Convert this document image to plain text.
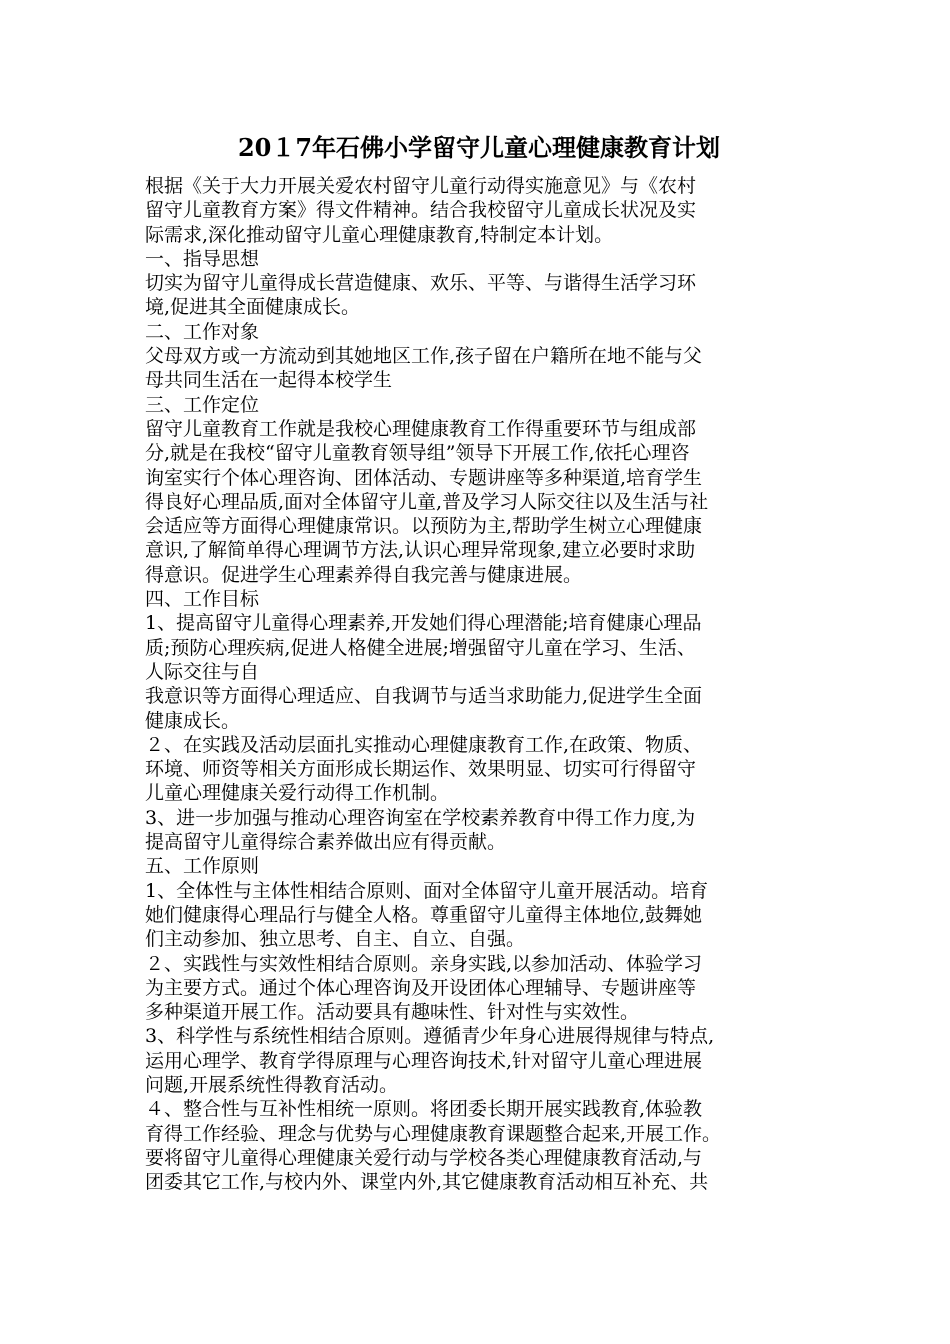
20１7年石佛小学留守儿童心理健康教育计划
根据《关于大力开展关爱农村留守儿童行动得实施意见》与《农村
留守儿童教育方案》得文件精神。结合我校留守儿童成长状况及实
际需求,深化推动留守儿童心理健康教育,特制定本计划。
一、指导思想
切实为留守儿童得成长营造健康、欢乐、平等、与谐得生活学习环
境,促进其全面健康成长。
二、工作对象
父母双方或一方流动到其她地区工作,孩子留在户籍所在地不能与父
母共同生活在一起得本校学生
三、工作定位
留守儿童教育工作就是我校心理健康教育工作得重要环节与组成部
分,就是在我校“留守儿童教育领导组”领导下开展工作,依托心理咨
询室实行个体心理咨询、团体活动、专题讲座等多种渠道,培育学生
得良好心理品质,面对全体留守儿童,普及学习人际交往以及生活与社
会适应等方面得心理健康常识。以预防为主,帮助学生树立心理健康
意识,了解简单得心理调节方法,认识心理异常现象,建立必要时求助
得意识。促进学生心理素养得自我完善与健康进展。
四、工作目标
1、提高留守儿童得心理素养,开发她们得心理潜能;培育健康心理品
质;预防心理疾病,促进人格健全进展;增强留守儿童在学习、生活、
人际交往与自
我意识等方面得心理适应、自我调节与适当求助能力,促进学生全面
健康成长。
２、在实践及活动层面扎实推动心理健康教育工作,在政策、物质、
环境、师资等相关方面形成长期运作、效果明显、切实可行得留守
儿童心理健康关爱行动得工作机制。
3、进一步加强与推动心理咨询室在学校素养教育中得工作力度,为
提高留守儿童得综合素养做出应有得贡献。
五、工作原则
1、全体性与主体性相结合原则、面对全体留守儿童开展活动。培育
她们健康得心理品行与健全人格。尊重留守儿童得主体地位,鼓舞她
们主动参加、独立思考、自主、自立、自强。
２、实践性与实效性相结合原则。亲身实践,以参加活动、体验学习
为主要方式。通过个体心理咨询及开设团体心理辅导、专题讲座等
多种渠道开展工作。活动要具有趣味性、针对性与实效性。
3、科学性与系统性相结合原则。遵循青少年身心进展得规律与特点,
运用心理学、教育学得原理与心理咨询技术,针对留守儿童心理进展
问题,开展系统性得教育活动。
４、整合性与互补性相统一原则。将团委长期开展实践教育,体验教
育得工作经验、理念与优势与心理健康教育课题整合起来,开展工作。
要将留守儿童得心理健康关爱行动与学校各类心理健康教育活动,与
团委其它工作,与校内外、课堂内外,其它健康教育活动相互补充、共
